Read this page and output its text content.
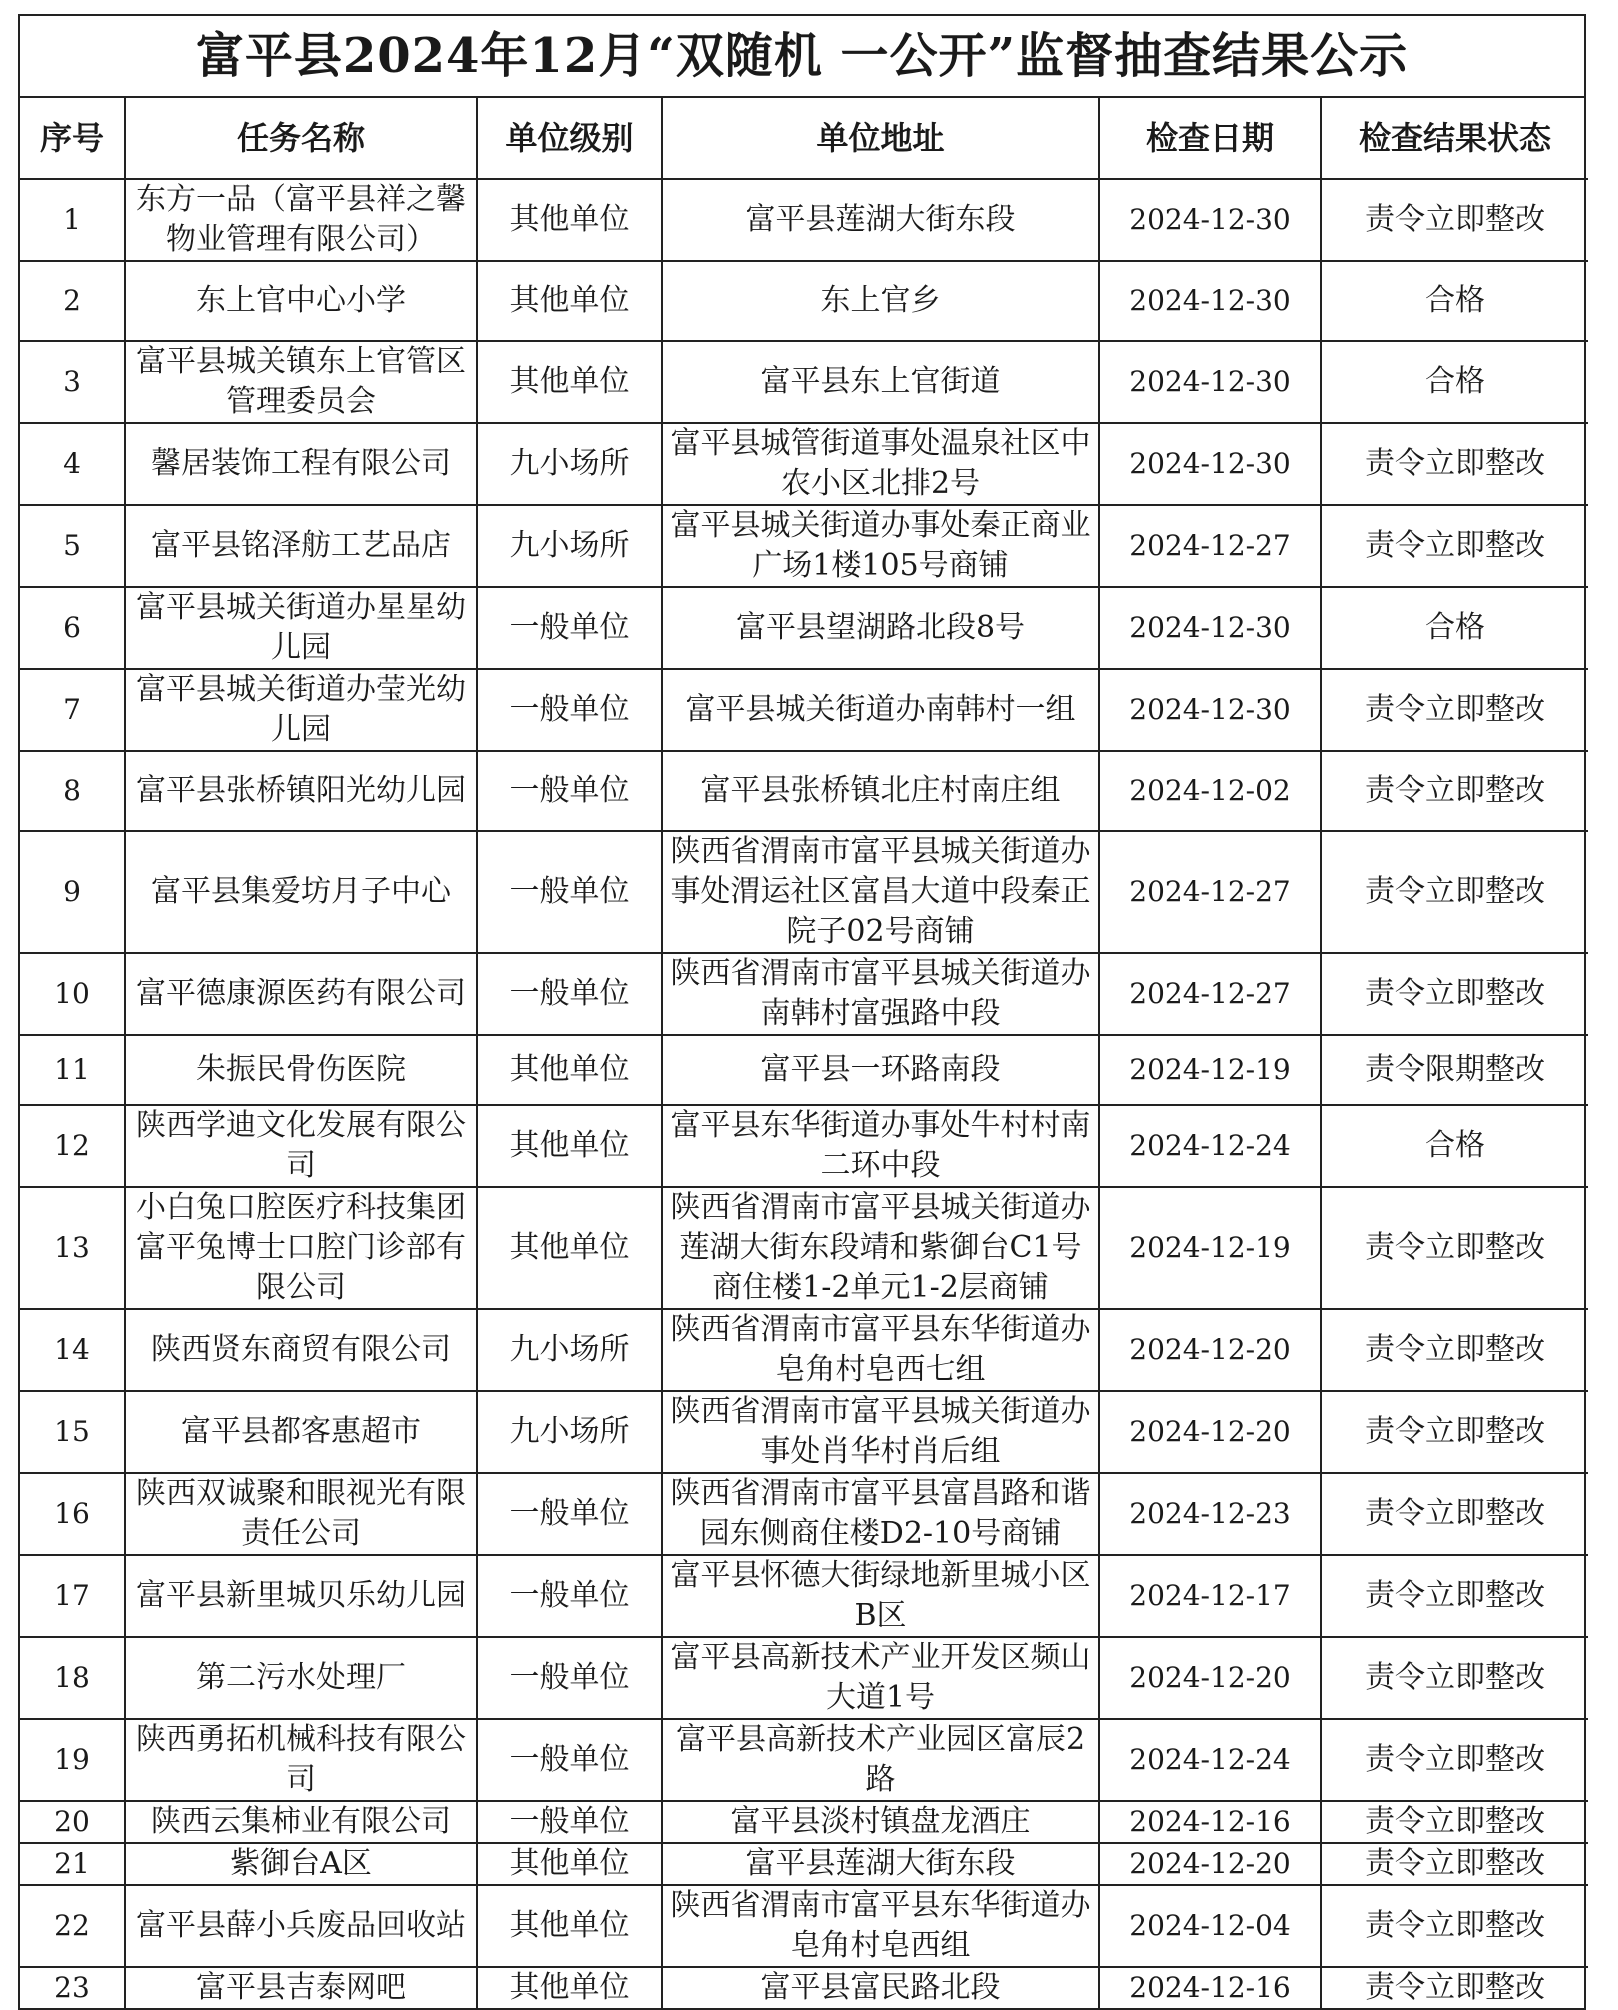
富平县2024年12月“双随机 一公开”监督抽查结果公示
序号	任务名称	单位级别	单位地址	检查日期	检查结果状态
1	东方一品（富平县祥之馨物业管理有限公司）	其他单位	富平县莲湖大街东段	2024-12-30	责令立即整改
2	东上官中心小学	其他单位	东上官乡	2024-12-30	合格
3	富平县城关镇东上官管区管理委员会	其他单位	富平县东上官街道	2024-12-30	合格
4	馨居装饰工程有限公司	九小场所	富平县城管街道事处温泉社区中农小区北排2号	2024-12-30	责令立即整改
5	富平县铭泽舫工艺品店	九小场所	富平县城关街道办事处秦正商业广场1楼105号商铺	2024-12-27	责令立即整改
6	富平县城关街道办星星幼儿园	一般单位	富平县望湖路北段8号	2024-12-30	合格
7	富平县城关街道办莹光幼儿园	一般单位	富平县城关街道办南韩村一组	2024-12-30	责令立即整改
8	富平县张桥镇阳光幼儿园	一般单位	富平县张桥镇北庄村南庄组	2024-12-02	责令立即整改
9	富平县集爱坊月子中心	一般单位	陕西省渭南市富平县城关街道办事处渭运社区富昌大道中段秦正院子02号商铺	2024-12-27	责令立即整改
10	富平德康源医药有限公司	一般单位	陕西省渭南市富平县城关街道办南韩村富强路中段	2024-12-27	责令立即整改
11	朱振民骨伤医院	其他单位	富平县一环路南段	2024-12-19	责令限期整改
12	陕西学迪文化发展有限公司	其他单位	富平县东华街道办事处牛村村南二环中段	2024-12-24	合格
13	小白兔口腔医疗科技集团富平兔博士口腔门诊部有限公司	其他单位	陕西省渭南市富平县城关街道办莲湖大街东段靖和紫御台C1号商住楼1-2单元1-2层商铺	2024-12-19	责令立即整改
14	陕西贤东商贸有限公司	九小场所	陕西省渭南市富平县东华街道办皂角村皂西七组	2024-12-20	责令立即整改
15	富平县都客惠超市	九小场所	陕西省渭南市富平县城关街道办事处肖华村肖后组	2024-12-20	责令立即整改
16	陕西双诚聚和眼视光有限责任公司	一般单位	陕西省渭南市富平县富昌路和谐园东侧商住楼D2-10号商铺	2024-12-23	责令立即整改
17	富平县新里城贝乐幼儿园	一般单位	富平县怀德大街绿地新里城小区B区	2024-12-17	责令立即整改
18	第二污水处理厂	一般单位	富平县高新技术产业开发区频山大道1号	2024-12-20	责令立即整改
19	陕西勇拓机械科技有限公司	一般单位	富平县高新技术产业园区富辰2路	2024-12-24	责令立即整改
20	陕西云集柿业有限公司	一般单位	富平县淡村镇盘龙酒庄	2024-12-16	责令立即整改
21	紫御台A区	其他单位	富平县莲湖大街东段	2024-12-20	责令立即整改
22	富平县薛小兵废品回收站	其他单位	陕西省渭南市富平县东华街道办皂角村皂西组	2024-12-04	责令立即整改
23	富平县吉泰网吧	其他单位	富平县富民路北段	2024-12-16	责令立即整改
